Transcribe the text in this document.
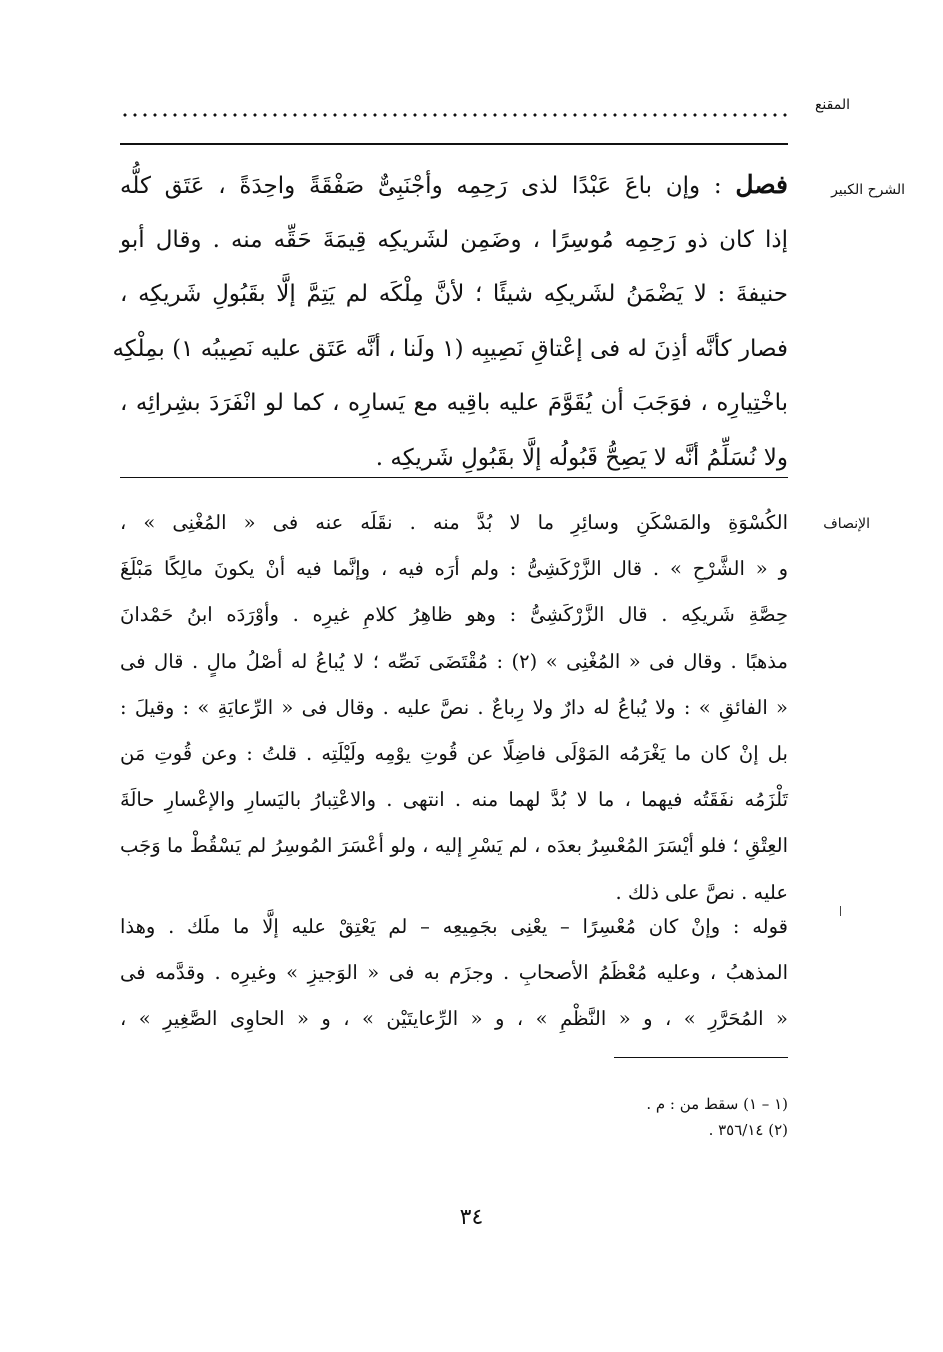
المقنع
الشرح الكبير

فصل : وإن باعَ عَبْدًا لذى رَحِمِه وأجْنَبِىٌّ صَفْقَةً واحِدَةً ، عَتَق كلُّه

إذا كان ذو رَحِمِه مُوسِرًا ، وضَمِن لشَريكِه قِيمَةَ حَقِّه منه . وقال أبو

حنيفةَ : لا يَضْمَنُ لشَريكِه شيئًا ؛ لأنَّ مِلْكَه لم يَتِمَّ إلَّا بقَبُولِ شَريكِه ،

فصار كأنَّه أذِنَ له فى إعْتاقِ نَصِيبِه (١ ولَنا ، أنَّه عَتَق عليه نَصِيبُه ١) بمِلْكِه

باخْتِيارِه ، فوَجَبَ أن يُقَوَّمَ عليه باقِيه مع يَسارِه ، كما لو انْفَرَدَ بشِرائِه ،

ولا نُسَلِّمُ أنَّه لا يَصِحُّ قَبُولُه إلَّا بقَبُولِ شَريكِه .

الإنصاف

الكُسْوَةِ والمَسْكَنِ وسائِرِ ما لا بُدَّ منه . نقَلَه عنه فى « المُغْنِى » ،

و « الشَّرْحِ » . قال الزَّرْكَشِىُّ : ولم أرَه فيه ، وإنَّما فيه أنْ يكونَ مالِكًا مَبْلَغَ

حِصَّةِ شَريكِه . قال الزَّرْكَشِىُّ : وهو ظاهِرُ كلامِ غيرِه . وأوْرَدَه ابنُ حَمْدانَ

مذهبًا . وقال فى « المُغْنِى » (٢) : مُقْتَضَى نَصِّه ؛ لا يُباعُ له أصْلُ مالٍ . قال فى

« الفائقِ » : ولا يُباعُ له دارٌ ولا رِباعٌ . نصَّ عليه . وقال فى « الرِّعايَةِ » : وقيلَ :

بل إنْ كان ما يَغْرَمُه المَوْلَى فاضِلًا عن قُوتِ يوْمِه ولَيْلَتِه . قلتُ : وعن قُوتِ مَن

تَلْزَمُه نفَقَتُه فيهما ، ما لا بُدَّ لهما منه . انتهى . والاعْتِبارُ باليَسارِ والإعْسارِ حالَةَ

العِتْقِ ؛ فلو أيْسَرَ المُعْسِرُ بعدَه ، لم يَسْرِ إليه ، ولو أعْسَرَ المُوسِرُ لم يَسْقُطْ ما وَجَب

عليه . نصَّ على ذلك .

قوله : وإنْ كان مُعْسِرًا – يعْنِى بجَمِيعِه – لم يَعْتِقْ عليه إلَّا ما ملَك . وهذا

المذهبُ ، وعليه مُعْظَمُ الأصحابِ . وجزَم به فى « الوَجيزِ » وغيرِه . وقدَّمه فى

« المُحَرَّرِ » ، و « النَّظْمِ » ، و « الرِّعايتَيْن » ، و « الحاوِى الصَّغِيرِ » ،

(١ – ١) سقط من : م .
(٢) ٣٥٦/١٤ .
٣٤
